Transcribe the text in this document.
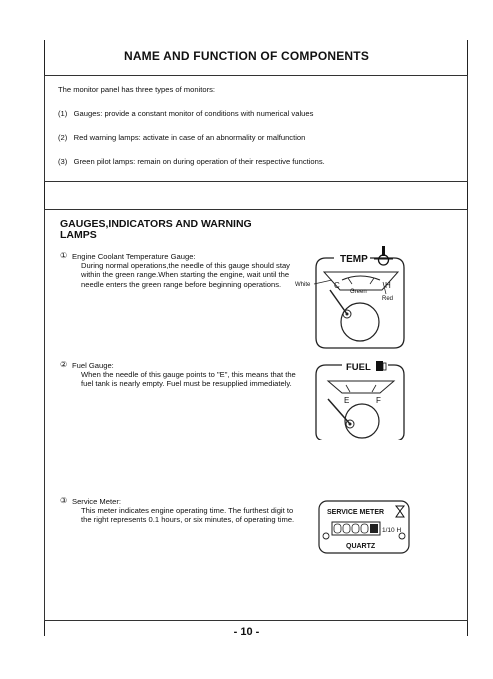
NAME AND FUNCTION OF COMPONENTS
The monitor panel has three types of monitors:
(1) Gauges: provide a constant monitor of conditions with numerical values
(2) Red warning lamps: activate in case of an abnormality or malfunction
(3) Green pilot lamps: remain on during operation of their respective functions.
GAUGES,INDICATORS AND WARNING LAMPS
① Engine Coolant Temperature Gauge:
During normal operations,the needle of this gauge should stay within the green range.When starting the engine, wait until the needle enters the green range before beginning operations.
② Fuel Gauge:
When the needle of this gauge points to "E", this means that the fuel tank is nearly empty. Fuel must be resupplied immediately.
③ Service Meter:
This meter indicates engine operating time. The furthest digit to the right represents 0.1 hours, or six minutes, of operating time.
TEMP
C	H
Green
White
Red
FUEL
E	F
SERVICE METER
1/10 H
QUARTZ
- 10 -
